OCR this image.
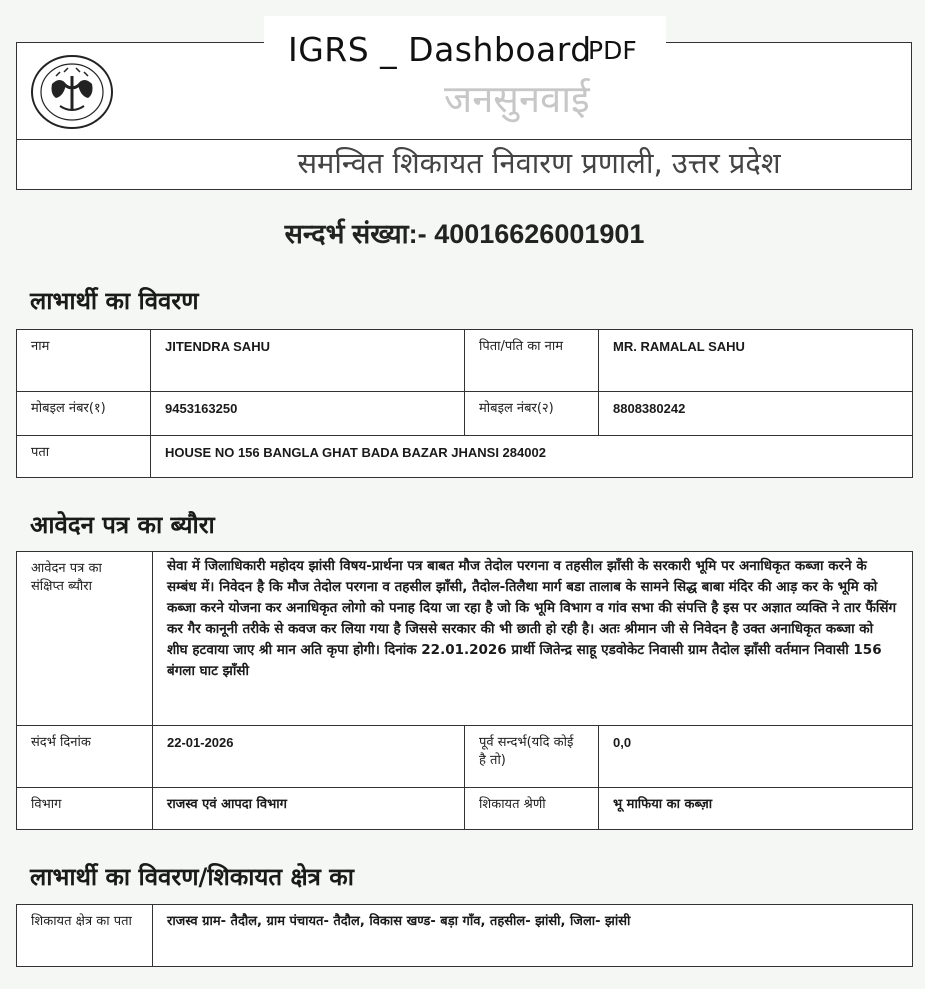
IGRS _ Dashboard
PDF
जनसुनवाई
समन्वित शिकायत निवारण प्रणाली, उत्तर प्रदेश
सन्दर्भ संख्या:- 40016626001901
लाभार्थी का विवरण
नाम	JITENDRA SAHU	पिता/पति का नाम	MR. RAMALAL SAHU
मोबइल नंबर(१)	9453163250	मोबइल नंबर(२)	8808380242
पता	HOUSE NO 156 BANGLA GHAT BADA BAZAR JHANSI 284002		
आवेदन पत्र का ब्यौरा
आवेदन पत्र का संक्षिप्त ब्यौरा	सेवा में जिलाधिकारी महोदय झांसी विषय-प्रार्थना पत्र बाबत मौज तेदोल परगना व तहसील झाँसी के सरकारी भूमि पर अनाधिकृत कब्जा करने के सम्बंध में। निवेदन है कि मौज तेदोल परगना व तहसील झाँसी, तैदोल-तिलैथा मार्ग बडा तालाब के सामने सिद्ध बाबा मंदिर की आड़ कर के भूमि को कब्जा करने योजना कर अनाधिकृत लोगो को पनाह दिया जा रहा है जो कि भूमि विभाग व गांव सभा की संपत्ति है इस पर अज्ञात व्यक्ति ने तार फैंसिंग कर गैर कानूनी तरीके से कवज कर लिया गया है जिससे सरकार की भी छाती हो रही है। अतः श्रीमान जी से निवेदन है उक्त अनाधिकृत कब्जा को शीघ हटवाया जाए श्री मान अति कृपा होगी। दिनांक 22.01.2026 प्रार्थी जितेन्द्र साहू एडवोकेट निवासी ग्राम तैदोल झाँसी वर्तमान निवासी 156 बंगला घाट झाँसी		
संदर्भ दिनांक	22-01-2026	पूर्व सन्दर्भ(यदि कोई है तो)	0,0
विभाग	राजस्व एवं आपदा विभाग	शिकायत श्रेणी	भू माफिया का कब्ज़ा
लाभार्थी का विवरण/शिकायत क्षेत्र का
शिकायत क्षेत्र का पता	राजस्व ग्राम- तैदौल, ग्राम पंचायत- तैदौल, विकास खण्ड- बड़ा गाँव, तहसील- झांसी, जिला- झांसी
